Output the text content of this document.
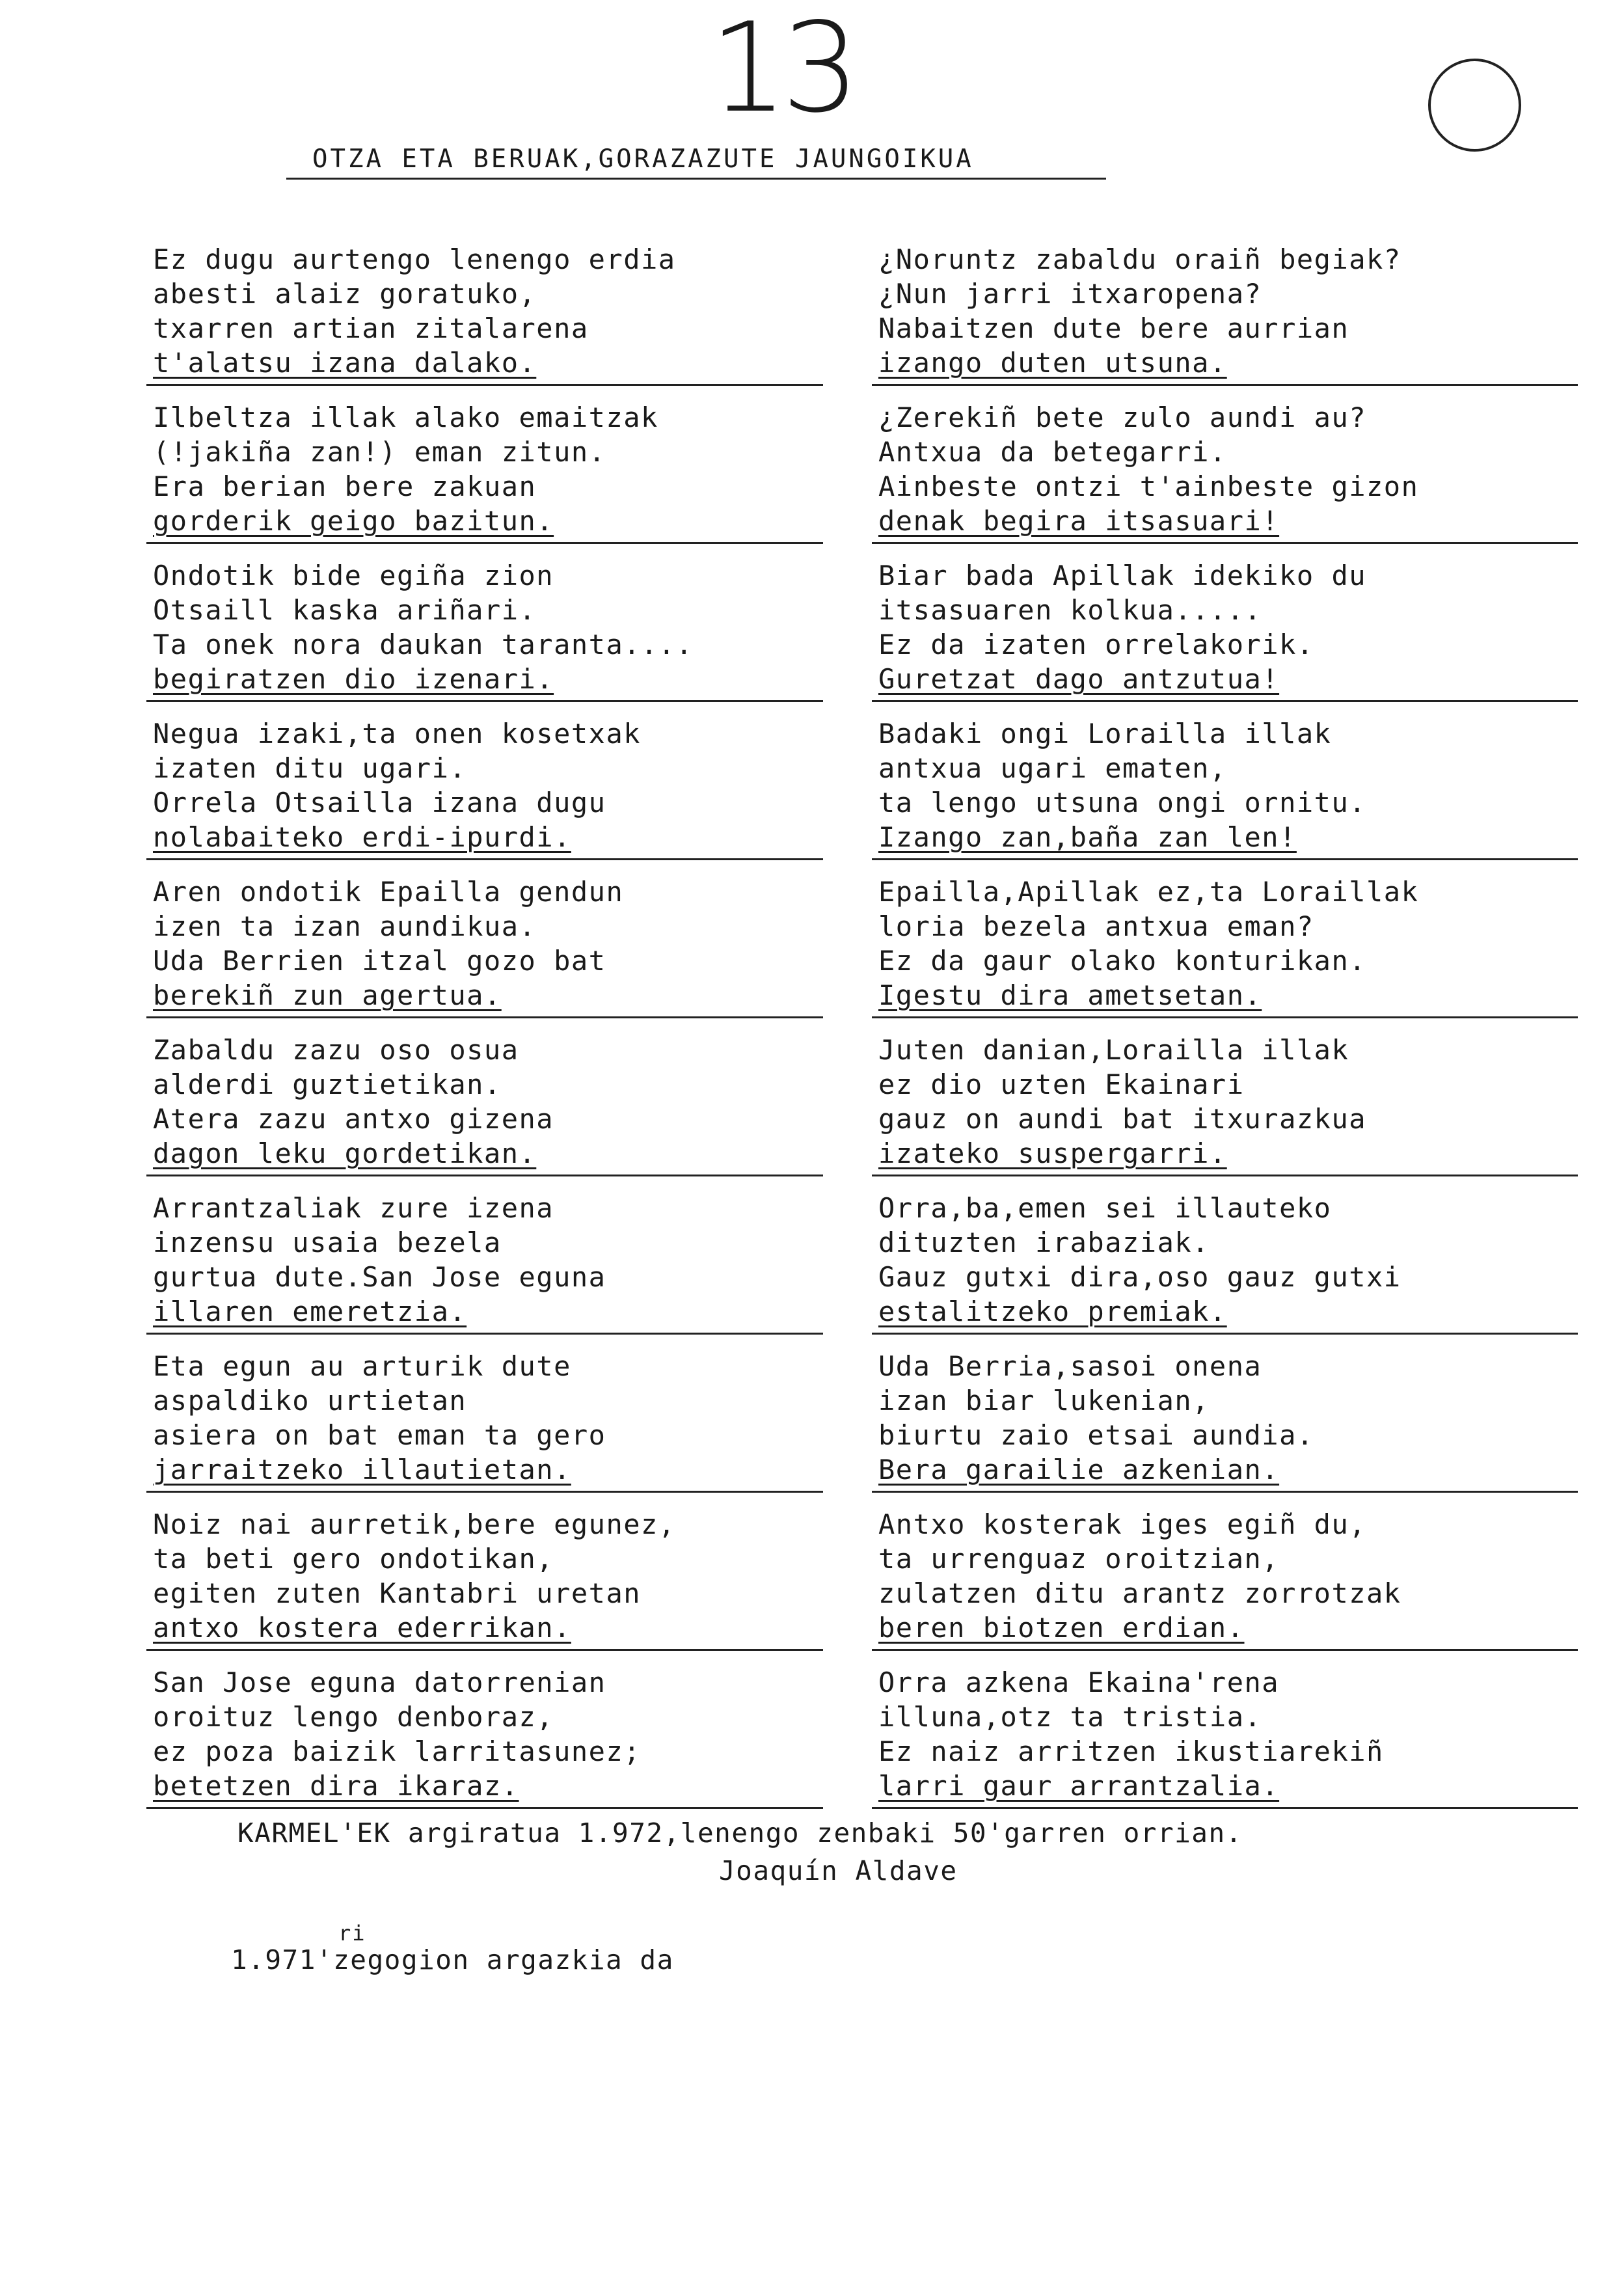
13
OTZA ETA BERUAK,GORAZAZUTE JAUNGOIKUA
Ez dugu aurtengo lenengo erdia
abesti alaiz goratuko,
txarren artian zitalarena
t'alatsu izana dalako.
Ilbeltza illak alako emaitzak
(!jakiña zan!) eman zitun.
Era berian bere zakuan
gorderik geigo bazitun.
Ondotik bide egiña zion
Otsaill kaska ariñari.
Ta onek nora daukan taranta....
begiratzen dio izenari.
Negua izaki,ta onen kosetxak
izaten ditu ugari.
Orrela Otsailla izana dugu
nolabaiteko erdi-ipurdi.
Aren ondotik Epailla gendun
izen ta izan aundikua.
Uda Berrien itzal gozo bat
berekiñ zun agertua.
Zabaldu zazu oso osua
alderdi guztietikan.
Atera zazu antxo gizena
dagon leku gordetikan.
Arrantzaliak zure izena
inzensu usaia bezela
gurtua dute.San Jose eguna
illaren emeretzia.
Eta egun au arturik dute
aspaldiko urtietan
asiera on bat eman ta gero
jarraitzeko illautietan.
Noiz nai aurretik,bere egunez,
ta beti gero ondotikan,
egiten zuten Kantabri uretan
antxo kostera ederrikan.
San Jose eguna datorrenian
oroituz lengo denboraz,
ez poza baizik larritasunez;
betetzen dira ikaraz.
¿Noruntz zabaldu oraiñ begiak?
¿Nun jarri itxaropena?
Nabaitzen dute bere aurrian
izango duten utsuna.
¿Zerekiñ bete zulo aundi au?
Antxua da betegarri.
Ainbeste ontzi t'ainbeste gizon
denak begira itsasuari!
Biar bada Apillak idekiko du
itsasuaren kolkua.....
Ez da izaten orrelakorik.
Guretzat dago antzutua!
Badaki ongi Lorailla illak
antxua ugari ematen,
ta lengo utsuna ongi ornitu.
Izango zan,baña zan len!
Epailla,Apillak ez,ta Loraillak
loria bezela antxua eman?
Ez da gaur olako konturikan.
Igestu dira ametsetan.
Juten danian,Lorailla illak
ez dio uzten Ekainari
gauz on aundi bat itxurazkua
izateko suspergarri.
Orra,ba,emen sei illauteko
dituzten irabaziak.
Gauz gutxi dira,oso gauz gutxi
estalitzeko premiak.
Uda Berria,sasoi onena
izan biar lukenian,
biurtu zaio etsai aundia.
Bera garailie azkenian.
Antxo kosterak iges egiñ du,
ta urrenguaz oroitzian,
zulatzen ditu arantz zorrotzak
beren biotzen erdian.
Orra azkena Ekaina'rena
illuna,otz ta tristia.
Ez naiz arritzen ikustiarekiñ
larri gaur arrantzalia.
KARMEL'EK argiratua 1.972,lenengo zenbaki 50'garren orrian.
Joaquín Aldave
ri
1.971'zegogion argazkia da
